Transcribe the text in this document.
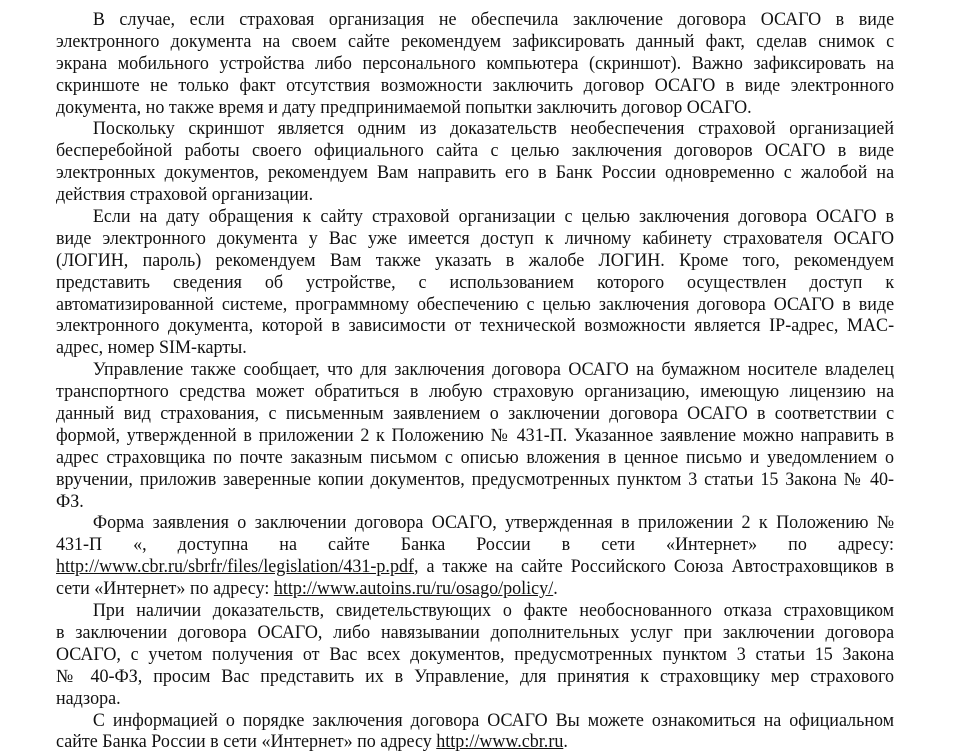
В случае, если страховая организация не обеспечила заключение договора ОСАГО в виде
электронного документа на своем сайте рекомендуем зафиксировать данный факт, сделав снимок с
экрана мобильного устройства либо персонального компьютера (скриншот). Важно зафиксировать на
скриншоте не только факт отсутствия возможности заключить договор ОСАГО в виде электронного
документа, но также время и дату предпринимаемой попытки заключить договор ОСАГО.
Поскольку скриншот является одним из доказательств необеспечения страховой организацией
бесперебойной работы своего официального сайта с целью заключения договоров ОСАГО в виде
электронных документов, рекомендуем Вам направить его в Банк России одновременно с жалобой на
действия страховой организации.
Если на дату обращения к сайту страховой организации с целью заключения договора ОСАГО в
виде электронного документа у Вас уже имеется доступ к личному кабинету страхователя ОСАГО
(ЛОГИН, пароль) рекомендуем Вам также указать в жалобе ЛОГИН. Кроме того, рекомендуем
представить сведения об устройстве, с использованием которого осуществлен доступ к
автоматизированной системе, программному обеспечению с целью заключения договора ОСАГО в виде
электронного документа, которой в зависимости от технической возможности является IP-адрес, MAC-
адрес, номер SIM-карты.
Управление также сообщает, что для заключения договора ОСАГО на бумажном носителе владелец
транспортного средства может обратиться в любую страховую организацию, имеющую лицензию на
данный вид страхования, с письменным заявлением о заключении договора ОСАГО в соответствии с
формой, утвержденной в приложении 2 к Положению № 431-П. Указанное заявление можно направить в
адрес страховщика по почте заказным письмом с описью вложения в ценное письмо и уведомлением о
вручении, приложив заверенные копии документов, предусмотренных пунктом 3 статьи 15 Закона № 40-
ФЗ.
Форма заявления о заключении договора ОСАГО, утвержденная в приложении 2 к Положению №
431-П «, доступна на сайте Банка России в сети «Интернет» по адресу:
http://www.cbr.ru/sbrfr/files/legislation/431-p.pdf, а также на сайте Российского Союза Автостраховщиков в
сети «Интернет» по адресу: http://www.autoins.ru/ru/osago/policy/.
При наличии доказательств, свидетельствующих о факте необоснованного отказа страховщиком
в заключении договора ОСАГО, либо навязывании дополнительных услуг при заключении договора
ОСАГО, с учетом получения от Вас всех документов, предусмотренных пунктом 3 статьи 15 Закона
№ 40-ФЗ, просим Вас представить их в Управление, для принятия к страховщику мер страхового
надзора.
С информацией о порядке заключения договора ОСАГО Вы можете ознакомиться на официальном
сайте Банка России в сети «Интернет» по адресу http://www.cbr.ru.
